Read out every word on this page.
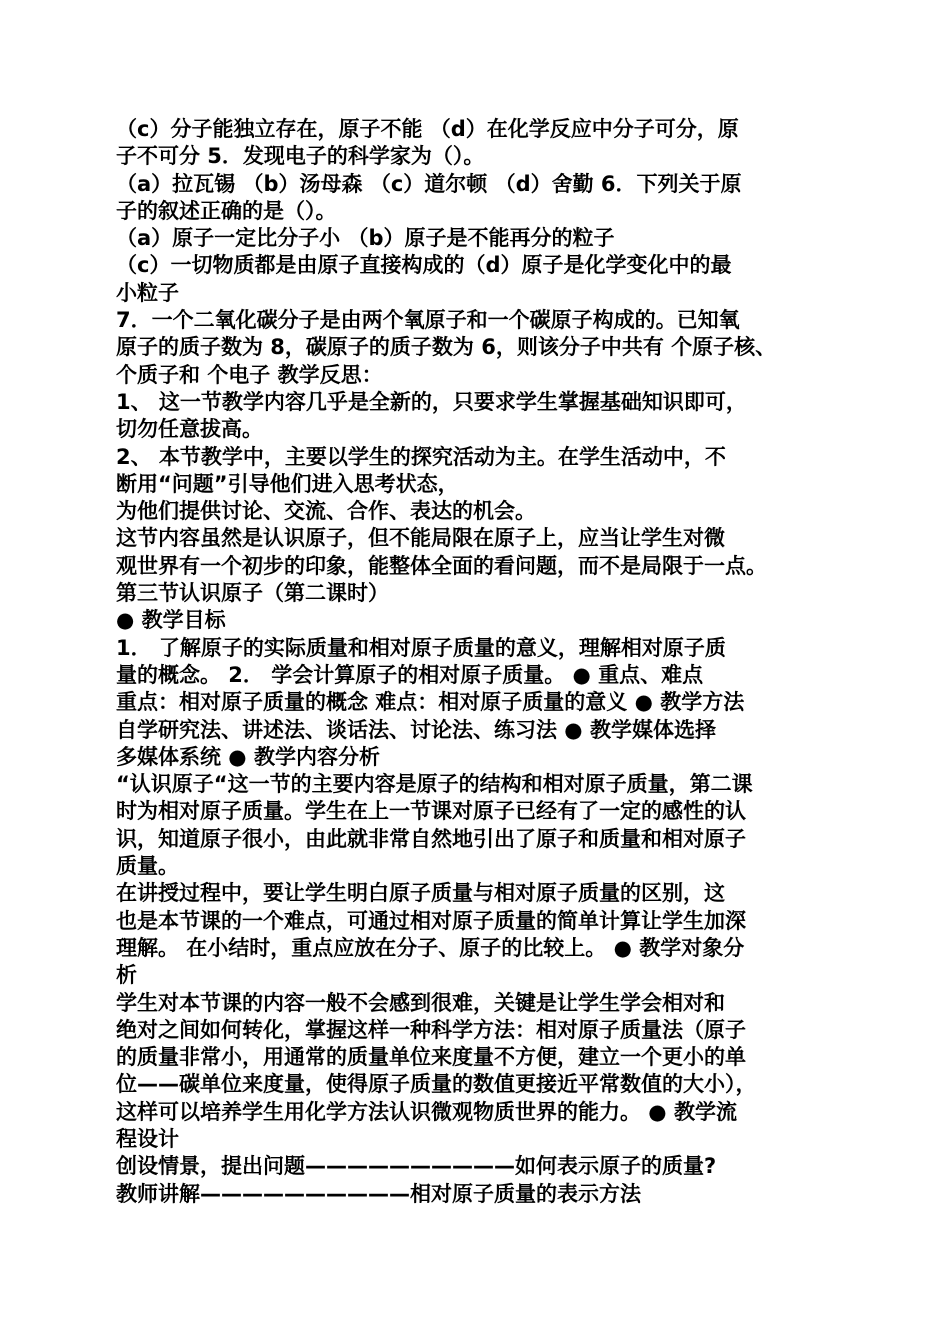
（c）分子能独立存在，原子不能 （d）在化学反应中分子可分，原

子不可分 5．发现电子的科学家为（）。

（a）拉瓦锡 （b）汤母森 （c）道尔顿 （d）舍勤 6．下列关于原

子的叙述正确的是（）。

（a）原子一定比分子小 （b）原子是不能再分的粒子

（c）一切物质都是由原子直接构成的（d）原子是化学变化中的最

小粒子

7．一个二氧化碳分子是由两个氧原子和一个碳原子构成的。已知氧

原子的质子数为 8，碳原子的质子数为 6，则该分子中共有 个原子核、

个质子和 个电子 教学反思：

1、 这一节教学内容几乎是全新的，只要求学生掌握基础知识即可，

切勿任意拔高。

2、 本节教学中，主要以学生的探究活动为主。在学生活动中，不

断用“问题”引导他们进入思考状态，

为他们提供讨论、交流、合作、表达的机会。

这节内容虽然是认识原子，但不能局限在原子上，应当让学生对微

观世界有一个初步的印象，能整体全面的看问题，而不是局限于一点。

第三节认识原子（第二课时）

● 教学目标

1． 了解原子的实际质量和相对原子质量的意义，理解相对原子质

量的概念。 2． 学会计算原子的相对原子质量。 ● 重点、难点

重点：相对原子质量的概念 难点：相对原子质量的意义 ● 教学方法

自学研究法、讲述法、谈话法、讨论法、练习法 ● 教学媒体选择

多媒体系统 ● 教学内容分析

“认识原子“这一节的主要内容是原子的结构和相对原子质量，第二课

时为相对原子质量。学生在上一节课对原子已经有了一定的感性的认

识，知道原子很小，由此就非常自然地引出了原子和质量和相对原子

质量。

在讲授过程中，要让学生明白原子质量与相对原子质量的区别，这

也是本节课的一个难点，可通过相对原子质量的简单计算让学生加深

理解。 在小结时，重点应放在分子、原子的比较上。 ● 教学对象分

析

学生对本节课的内容一般不会感到很难，关键是让学生学会相对和

绝对之间如何转化，掌握这样一种科学方法：相对原子质量法（原子

的质量非常小，用通常的质量单位来度量不方便，建立一个更小的单

位——碳单位来度量，使得原子质量的数值更接近平常数值的大小），

这样可以培养学生用化学方法认识微观物质世界的能力。 ● 教学流

程设计

创设情景，提出问题——————————如何表示原子的质量?

教师讲解——————————相对原子质量的表示方法
